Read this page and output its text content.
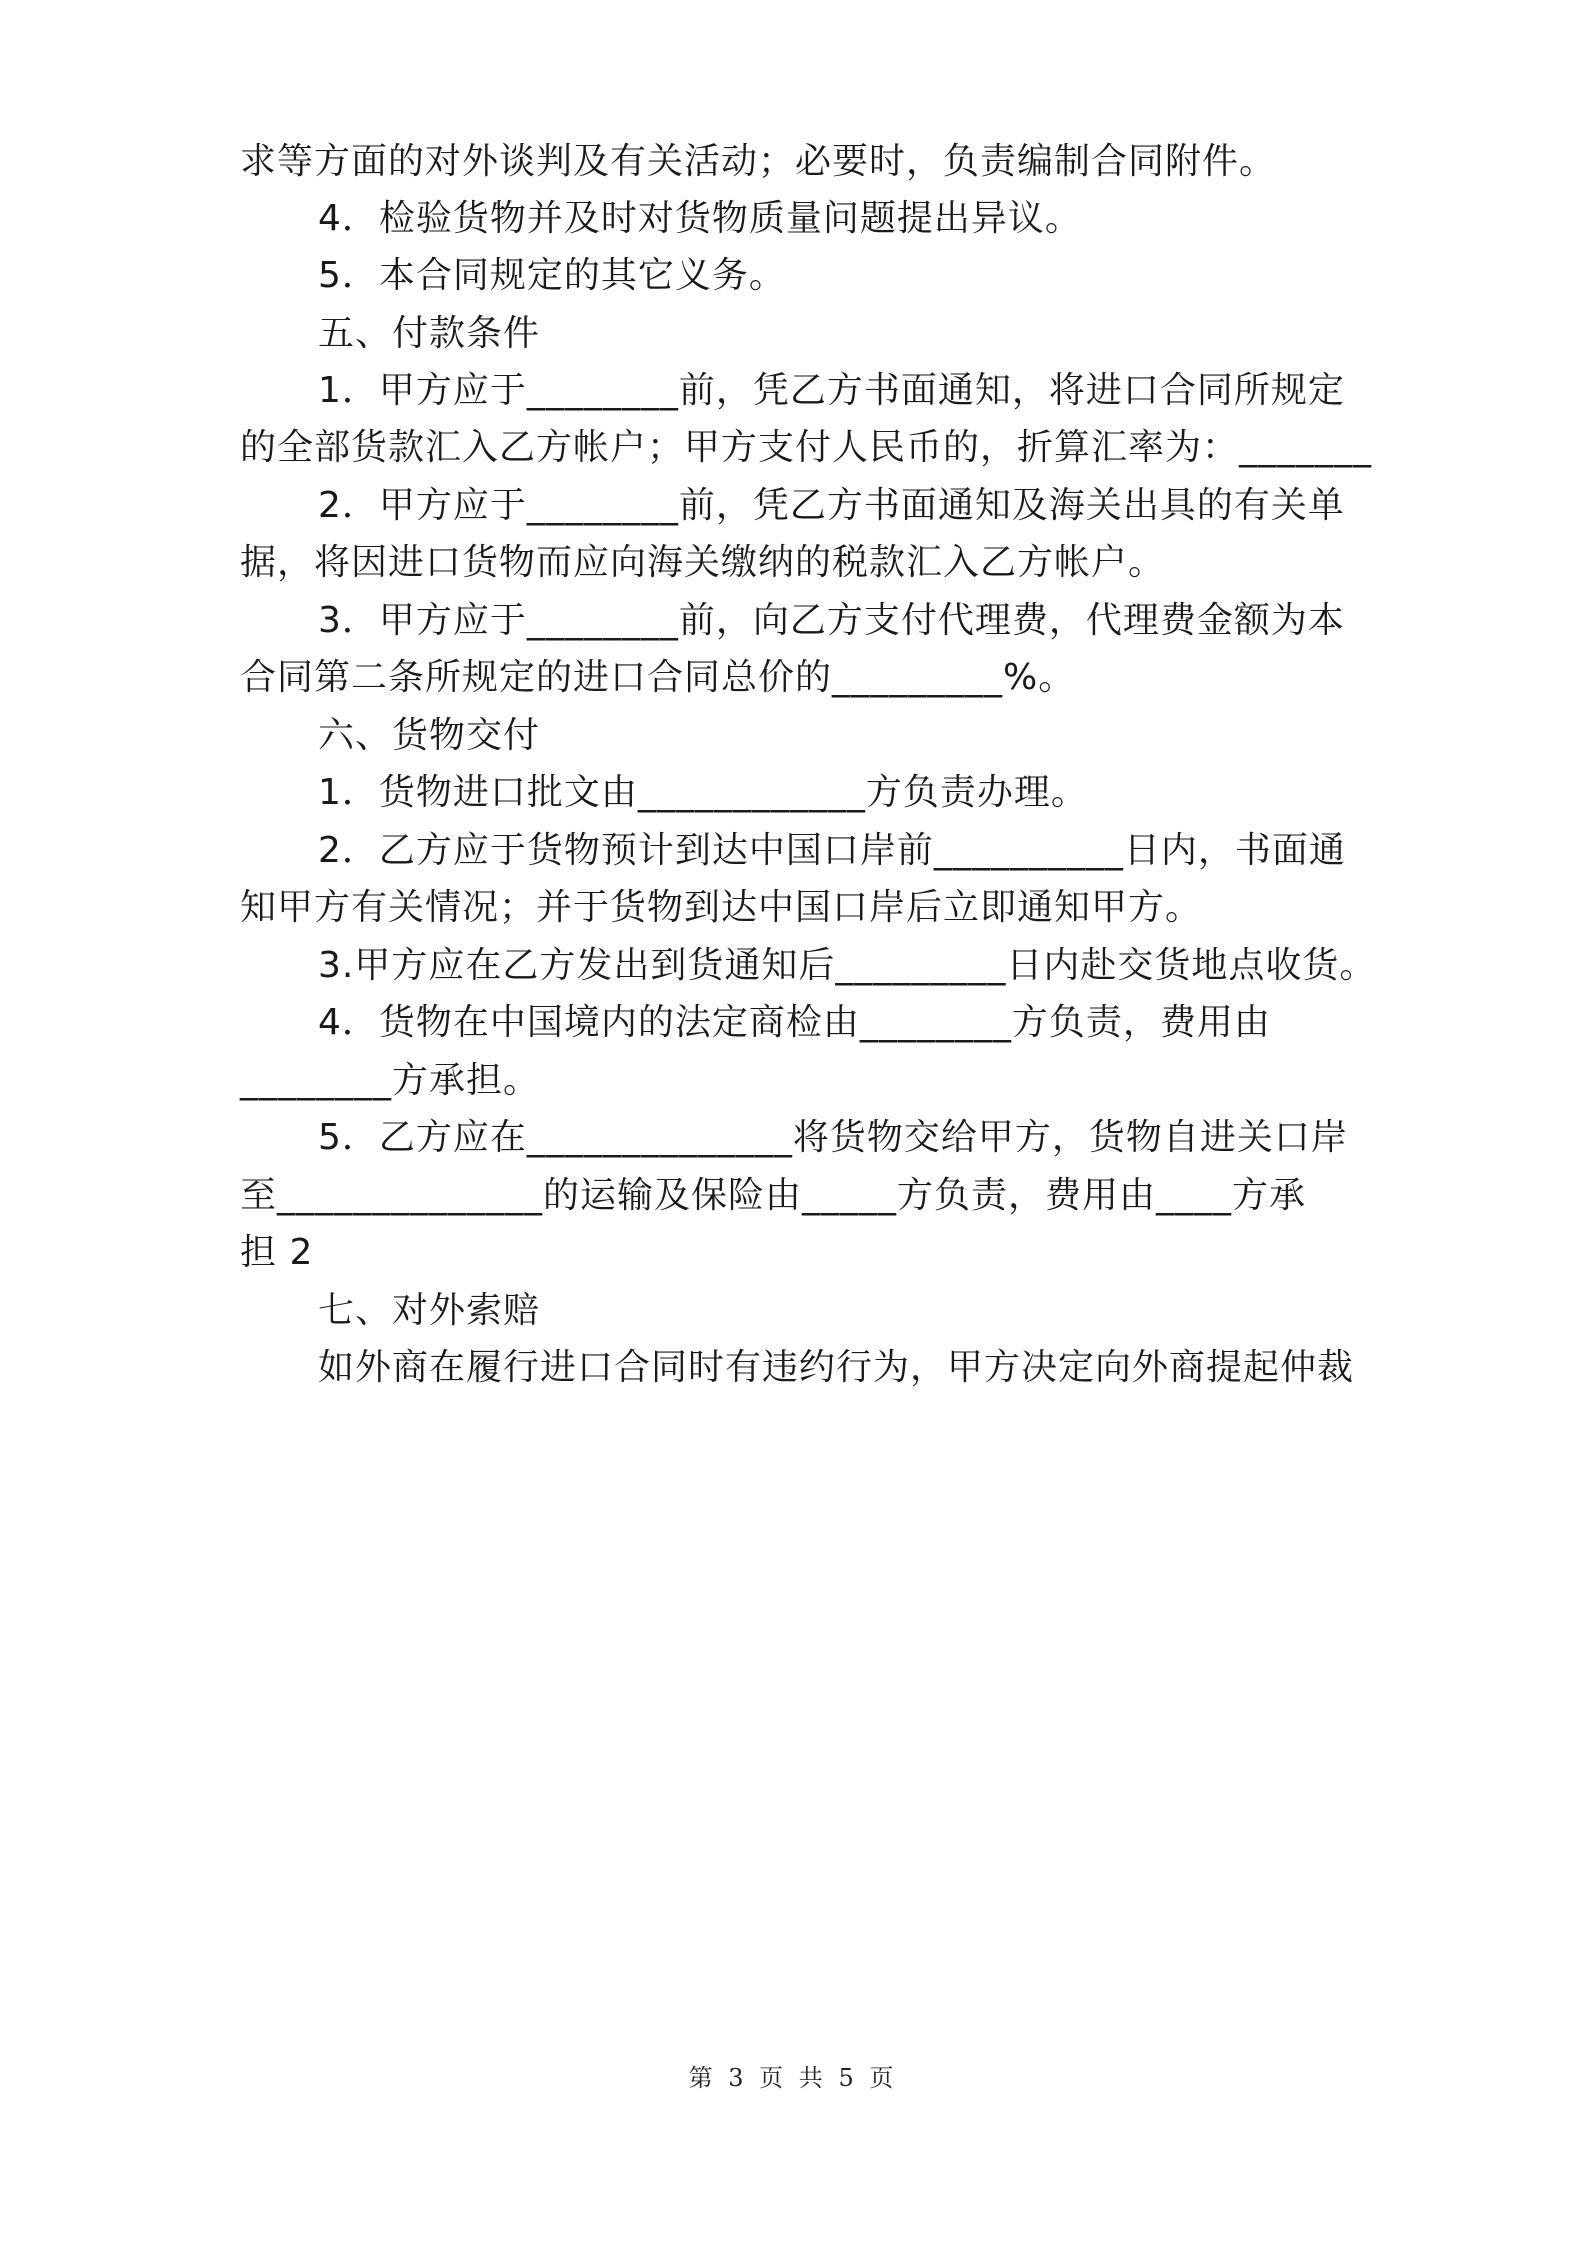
求等方面的对外谈判及有关活动；必要时，负责编制合同附件。
4．检验货物并及时对货物质量问题提出异议。
5．本合同规定的其它义务。
五、付款条件
1．甲方应于________前，凭乙方书面通知，将进口合同所规定
的全部货款汇入乙方帐户；甲方支付人民币的，折算汇率为：_______
2．甲方应于________前，凭乙方书面通知及海关出具的有关单
据，将因进口货物而应向海关缴纳的税款汇入乙方帐户。
3．甲方应于________前，向乙方支付代理费，代理费金额为本
合同第二条所规定的进口合同总价的_________%。
六、货物交付
1．货物进口批文由____________方负责办理。
2．乙方应于货物预计到达中国口岸前__________日内，书面通
知甲方有关情况；并于货物到达中国口岸后立即通知甲方。
3.甲方应在乙方发出到货通知后_________日内赴交货地点收货。
4．货物在中国境内的法定商检由________方负责，费用由
________方承担。
5．乙方应在______________将货物交给甲方，货物自进关口岸
至______________的运输及保险由_____方负责，费用由____方承
担 2
七、对外索赔
如外商在履行进口合同时有违约行为，甲方决定向外商提起仲裁
第 3 页 共 5 页
